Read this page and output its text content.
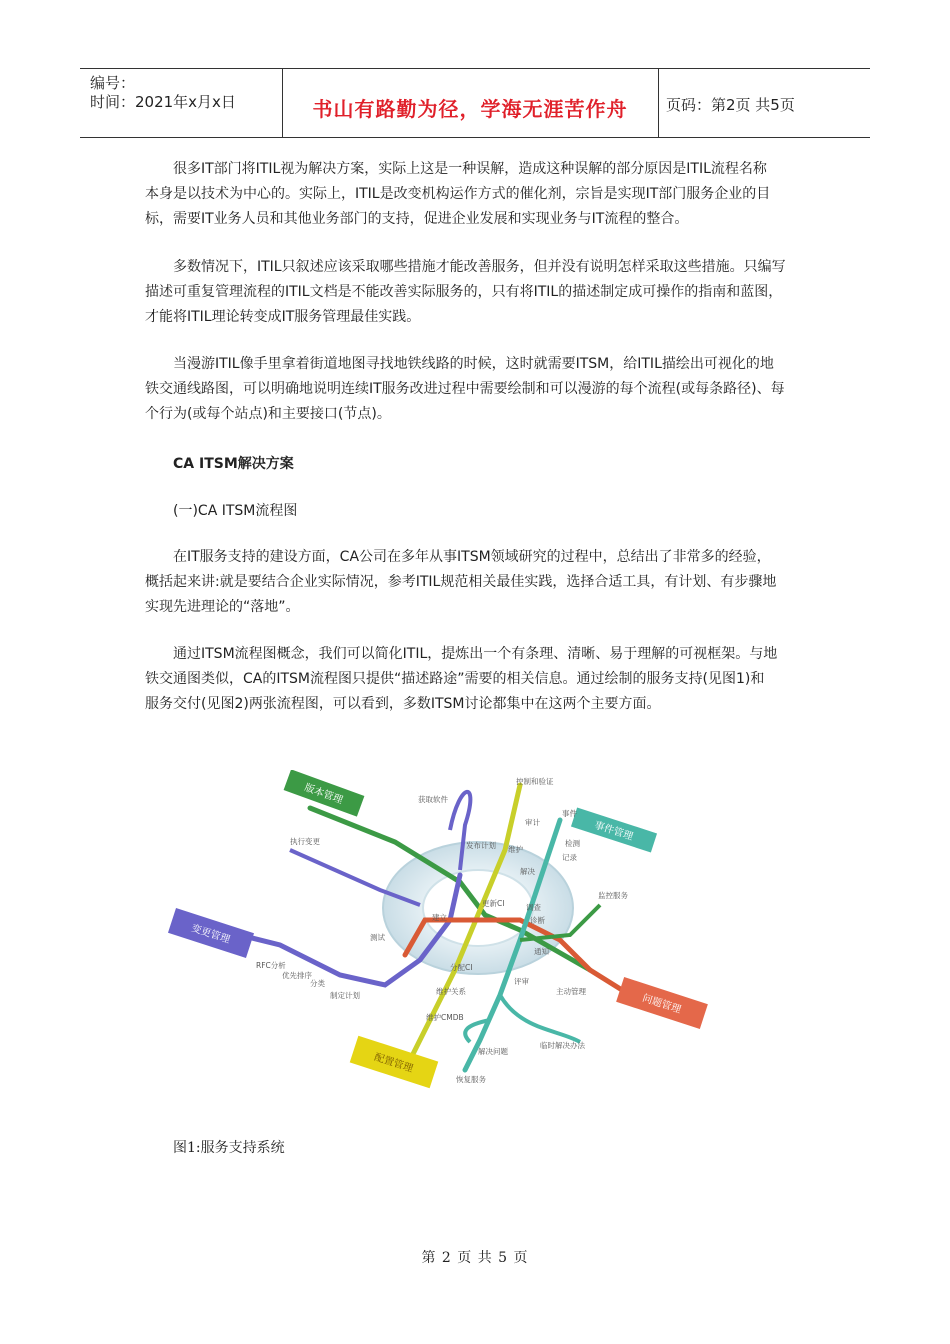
编号：
时间：2021年x月x日	书山有路勤为径，学海无涯苦作舟	页码：第2页 共5页
很多IT部门将ITIL视为解决方案，实际上这是一种误解，造成这种误解的部分原因是ITIL流程名称
本身是以技术为中心的。实际上，ITIL是改变机构运作方式的催化剂，宗旨是实现IT部门服务企业的目
标，需要IT业务人员和其他业务部门的支持，促进企业发展和实现业务与IT流程的整合。
多数情况下，ITIL只叙述应该采取哪些措施才能改善服务，但并没有说明怎样采取这些措施。只编写
描述可重复管理流程的ITIL文档是不能改善实际服务的，只有将ITIL的描述制定成可操作的指南和蓝图，
才能将ITIL理论转变成IT服务管理最佳实践。
当漫游ITIL像手里拿着街道地图寻找地铁线路的时候，这时就需要ITSM，给ITIL描绘出可视化的地
铁交通线路图，可以明确地说明连续IT服务改进过程中需要绘制和可以漫游的每个流程(或每条路径)、每
个行为(或每个站点)和主要接口(节点)。
CA ITSM解决方案
(一)CA ITSM流程图
在IT服务支持的建设方面，CA公司在多年从事ITSM领域研究的过程中，总结出了非常多的经验，
概括起来讲:就是要结合企业实际情况，参考ITIL规范相关最佳实践，选择合适工具，有计划、有步骤地
实现先进理论的“落地”。
通过ITSM流程图概念，我们可以简化ITIL，提炼出一个有条理、清晰、易于理解的可视框架。与地
铁交通图类似，CA的ITSM流程图只提供“描述路途”需要的相关信息。通过绘制的服务支持(见图1)和
服务交付(见图2)两张流程图，可以看到，多数ITSM讨论都集中在这两个主要方面。
版本管理
事件管理
变更管理
配置管理
问题管理
控制和验证
监控服务
执行变更
获取软件
事件
检测
记录
审计
发布计划 维护
解决
测试
建立
更新CI	调查
诊断
通知
RFC分析
优先排序
分类
制定计划
分配CI
维护关系
维护CMDB
评审
主动管理
临时解决办法
解决问题
恢复服务
图1:服务支持系统
第 2 页 共 5 页
